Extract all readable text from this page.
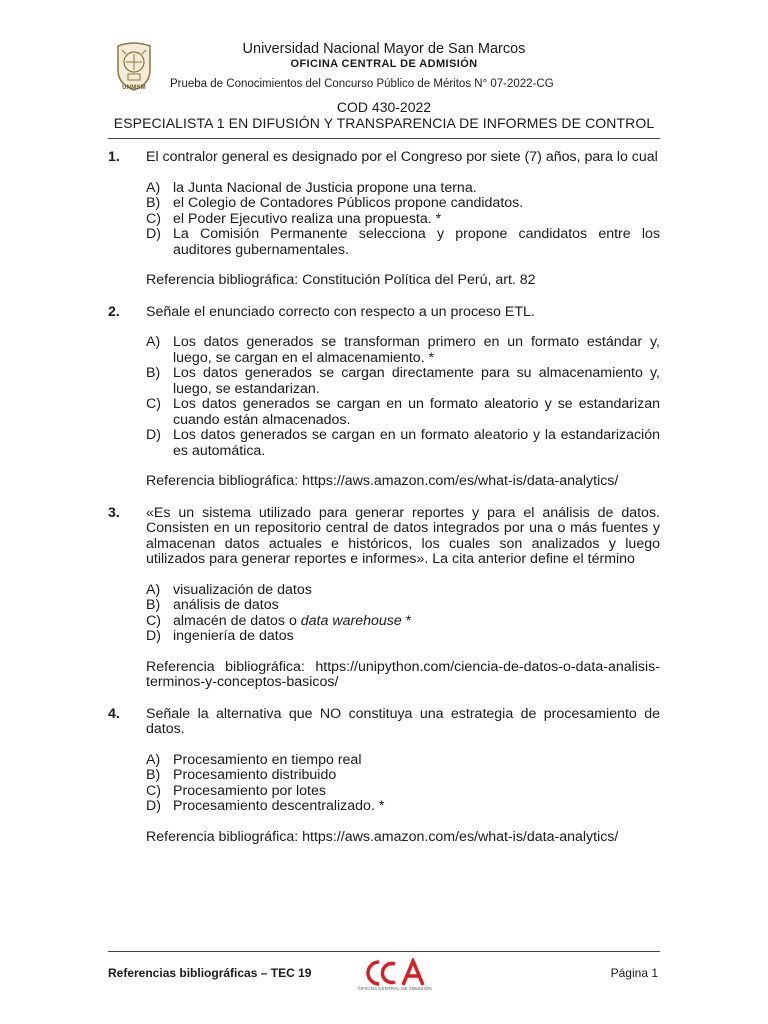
UNMSM
Universidad Nacional Mayor de San Marcos
OFICINA CENTRAL DE ADMISIÓN
Prueba de Conocimientos del Concurso Público de Méritos N° 07-2022-CG
COD 430-2022
ESPECIALISTA 1 EN DIFUSIÓN Y TRANSPARENCIA DE INFORMES DE CONTROL
1.	El contralor general es designado por el Congreso por siete (7) años, para lo cual
A) la Junta Nacional de Justicia propone una terna.
B) el Colegio de Contadores Públicos propone candidatos.
C) el Poder Ejecutivo realiza una propuesta. *
D) La Comisión Permanente selecciona y propone candidatos entre los auditores gubernamentales.
Referencia bibliográfica: Constitución Política del Perú, art. 82
2.	Señale el enunciado correcto con respecto a un proceso ETL.
A) Los datos generados se transforman primero en un formato estándar y, luego, se cargan en el almacenamiento. *
B) Los datos generados se cargan directamente para su almacenamiento y, luego, se estandarizan.
C) Los datos generados se cargan en un formato aleatorio y se estandarizan cuando están almacenados.
D) Los datos generados se cargan en un formato aleatorio y la estandarización es automática.
Referencia bibliográfica: https://aws.amazon.com/es/what-is/data-analytics/
3.	«Es un sistema utilizado para generar reportes y para el análisis de datos. Consisten en un repositorio central de datos integrados por una o más fuentes y almacenan datos actuales e históricos, los cuales son analizados y luego utilizados para generar reportes e informes». La cita anterior define el término
A) visualización de datos
B) análisis de datos
C) almacén de datos o data warehouse *
D) ingeniería de datos
Referencia bibliográfica: https://unipython.com/ciencia-de-datos-o-data-analisis-terminos-y-conceptos-basicos/
4.	Señale la alternativa que NO constituya una estrategia de procesamiento de datos.
A) Procesamiento en tiempo real
B) Procesamiento distribuido
C) Procesamiento por lotes
D) Procesamiento descentralizado. *
Referencia bibliográfica: https://aws.amazon.com/es/what-is/data-analytics/
Referencias bibliográficas – TEC 19
OFICINA CENTRAL DE ADMISIÓN
Página 1
